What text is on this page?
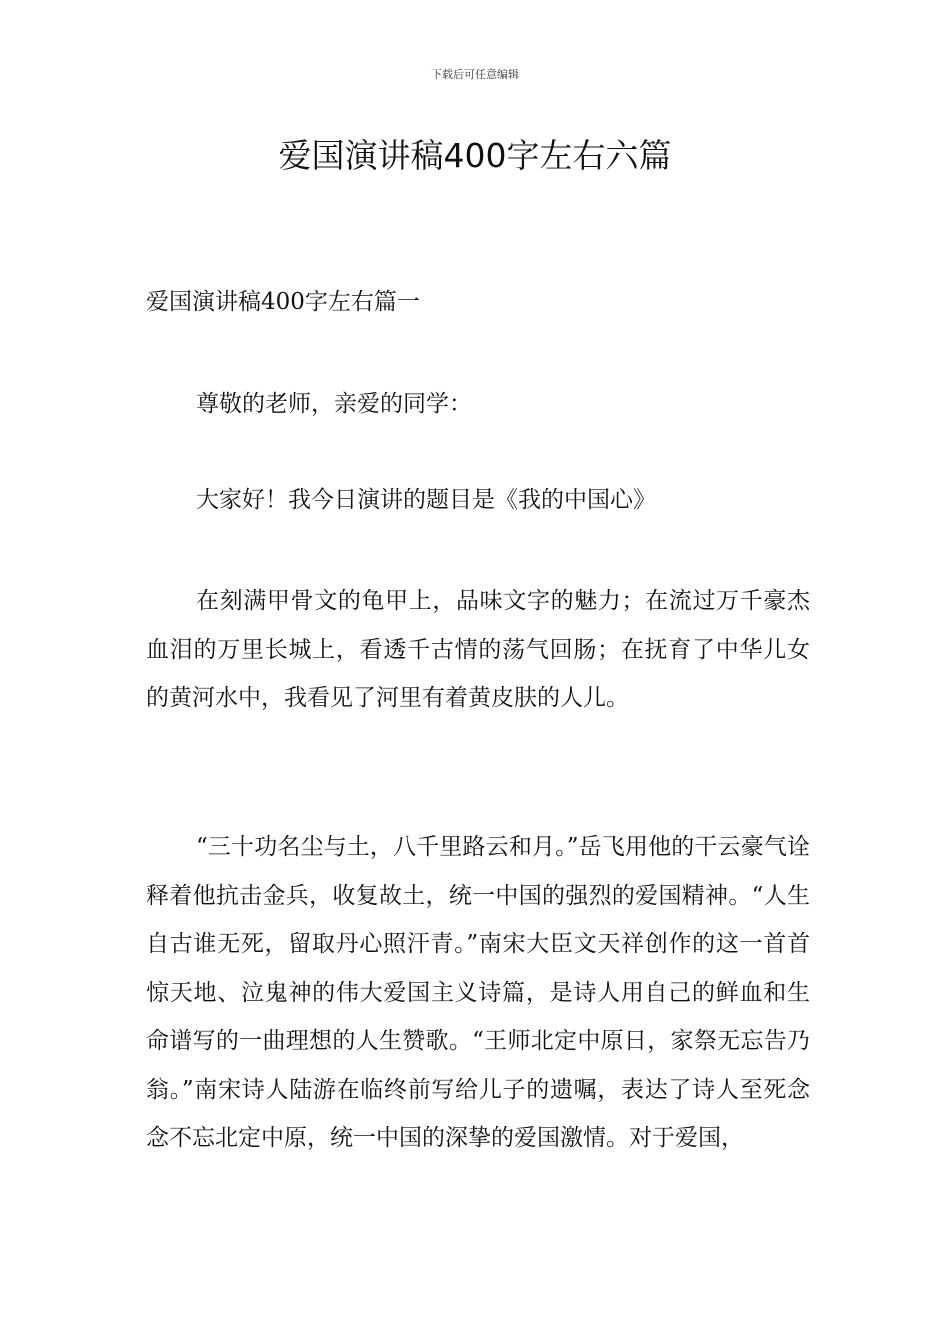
下载后可任意编辑
爱国演讲稿400字左右六篇
爱国演讲稿400字左右篇一

尊敬的老师，亲爱的同学：

大家好！我今日演讲的题目是《我的中国心》

在刻满甲骨文的龟甲上，品味文字的魅力；在流过万千豪杰血泪的万里长城上，看透千古情的荡气回肠；在抚育了中华儿女的黄河水中，我看见了河里有着黄皮肤的人儿。

“三十功名尘与土，八千里路云和月。”岳飞用他的干云豪气诠释着他抗击金兵，收复故土，统一中国的强烈的爱国精神。“人生自古谁无死，留取丹心照汗青。”南宋大臣文天祥创作的这一首首惊天地、泣鬼神的伟大爱国主义诗篇，是诗人用自己的鲜血和生命谱写的一曲理想的人生赞歌。“王师北定中原日，家祭无忘告乃翁。”南宋诗人陆游在临终前写给儿子的遗嘱，表达了诗人至死念念不忘北定中原，统一中国的深挚的爱国激情。对于爱国，
